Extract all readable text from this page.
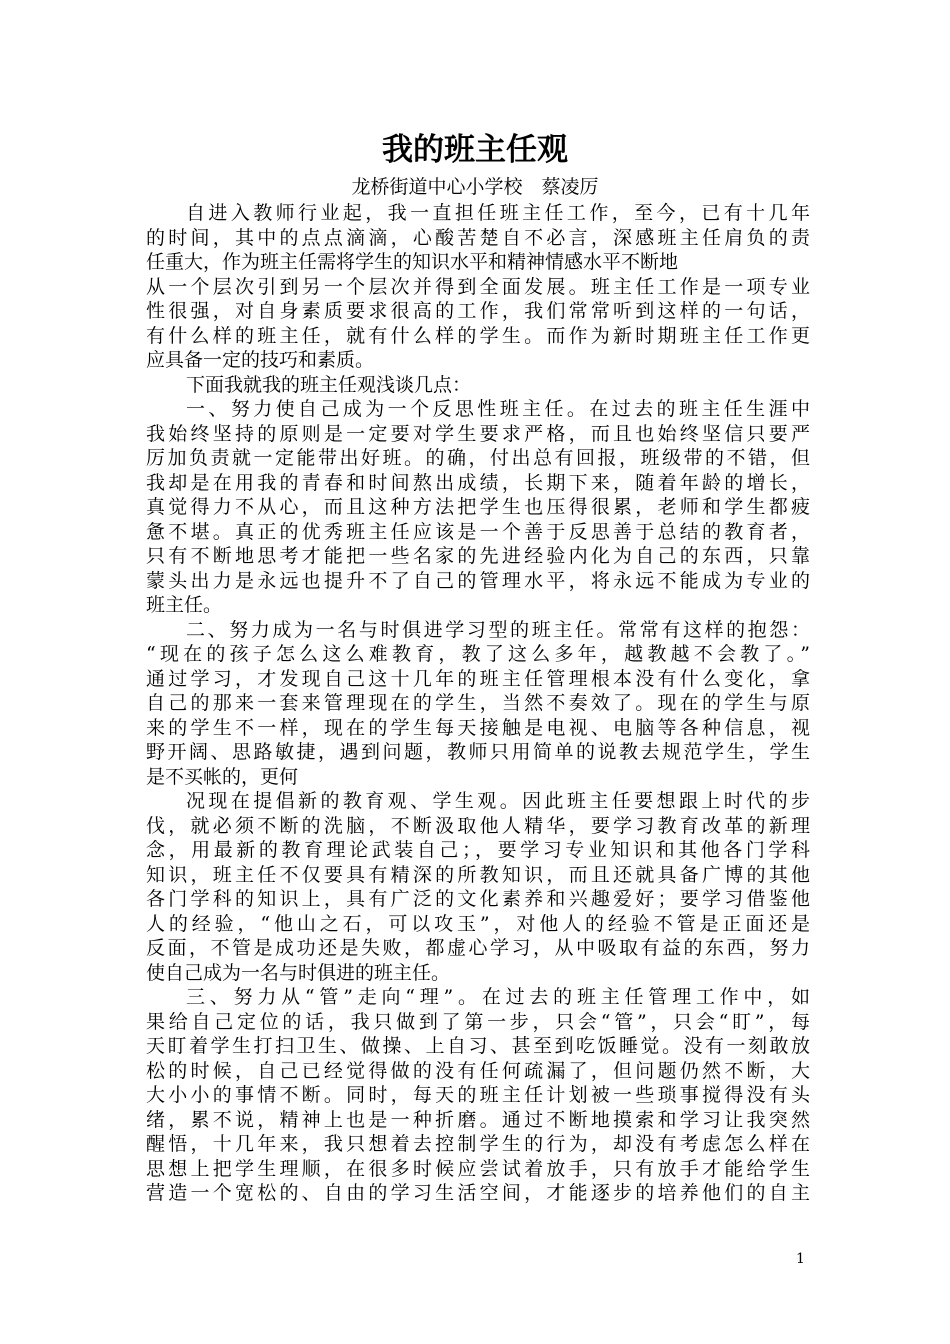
我的班主任观

龙桥街道中心小学校　蔡凌厉

自进入教师行业起，我一直担任班主任工作，至今，已有十几年
的时间，其中的点点滴滴，心酸苦楚自不必言，深感班主任肩负的责
任重大，作为班主任需将学生的知识水平和精神情感水平不断地
从一个层次引到另一个层次并得到全面发展。班主任工作是一项专业
性很强，对自身素质要求很高的工作，我们常常听到这样的一句话，
有什么样的班主任，就有什么样的学生。而作为新时期班主任工作更
应具备一定的技巧和素质。
下面我就我的班主任观浅谈几点：
一、努力使自己成为一个反思性班主任。在过去的班主任生涯中
我始终坚持的原则是一定要对学生要求严格，而且也始终坚信只要严
厉加负责就一定能带出好班。的确，付出总有回报，班级带的不错，但
我却是在用我的青春和时间熬出成绩，长期下来，随着年龄的增长，
真觉得力不从心，而且这种方法把学生也压得很累，老师和学生都疲
惫不堪。真正的优秀班主任应该是一个善于反思善于总结的教育者，
只有不断地思考才能把一些名家的先进经验内化为自己的东西，只靠
蒙头出力是永远也提升不了自己的管理水平，将永远不能成为专业的
班主任。
二、努力成为一名与时俱进学习型的班主任。常常有这样的抱怨：
“现在的孩子怎么这么难教育，教了这么多年，越教越不会教了。”
通过学习，才发现自己这十几年的班主任管理根本没有什么变化，拿
自己的那来一套来管理现在的学生，当然不奏效了。现在的学生与原
来的学生不一样，现在的学生每天接触是电视、电脑等各种信息，视
野开阔、思路敏捷，遇到问题，教师只用简单的说教去规范学生，学生
是不买帐的，更何
况现在提倡新的教育观、学生观。因此班主任要想跟上时代的步
伐，就必须不断的洗脑，不断汲取他人精华，要学习教育改革的新理
念，用最新的教育理论武装自己；，要学习专业知识和其他各门学科
知识，班主任不仅要具有精深的所教知识，而且还就具备广博的其他
各门学科的知识上，具有广泛的文化素养和兴趣爱好；要学习借鉴他
人的经验，“他山之石，可以攻玉”，对他人的经验不管是正面还是
反面，不管是成功还是失败，都虚心学习，从中吸取有益的东西，努力
使自己成为一名与时俱进的班主任。
三、努力从“管”走向“理”。在过去的班主任管理工作中，如
果给自己定位的话，我只做到了第一步，只会“管”，只会“盯”，每
天盯着学生打扫卫生、做操、上自习、甚至到吃饭睡觉。没有一刻敢放
松的时候，自己已经觉得做的没有任何疏漏了，但问题仍然不断，大
大小小的事情不断。同时，每天的班主任计划被一些琐事搅得没有头
绪，累不说，精神上也是一种折磨。通过不断地摸索和学习让我突然
醒悟，十几年来，我只想着去控制学生的行为，却没有考虑怎么样在
思想上把学生理顺，在很多时候应尝试着放手，只有放手才能给学生
营造一个宽松的、自由的学习生活空间，才能逐步的培养他们的自主
1
